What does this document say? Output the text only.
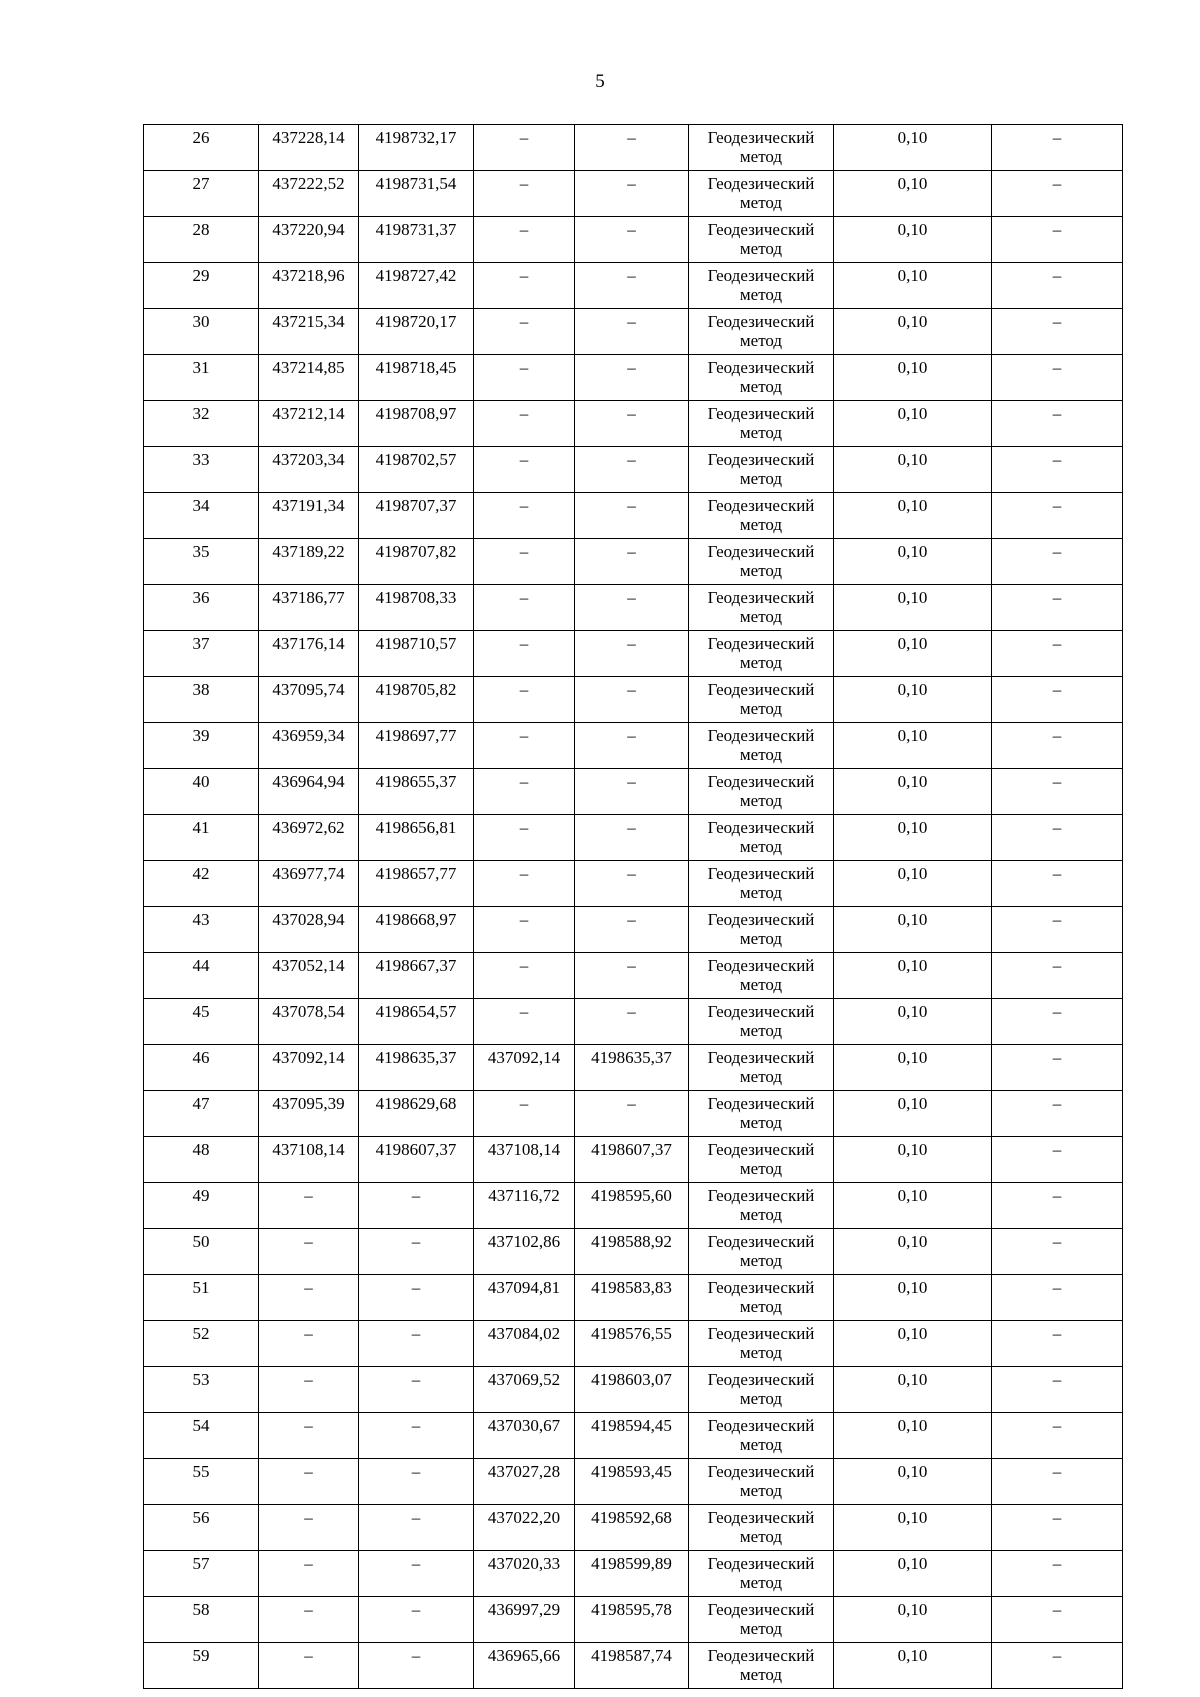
5
26	437228,14	4198732,17	–	–	Геодезический метод	0,10	–
27	437222,52	4198731,54	–	–	Геодезический метод	0,10	–
28	437220,94	4198731,37	–	–	Геодезический метод	0,10	–
29	437218,96	4198727,42	–	–	Геодезический метод	0,10	–
30	437215,34	4198720,17	–	–	Геодезический метод	0,10	–
31	437214,85	4198718,45	–	–	Геодезический метод	0,10	–
32	437212,14	4198708,97	–	–	Геодезический метод	0,10	–
33	437203,34	4198702,57	–	–	Геодезический метод	0,10	–
34	437191,34	4198707,37	–	–	Геодезический метод	0,10	–
35	437189,22	4198707,82	–	–	Геодезический метод	0,10	–
36	437186,77	4198708,33	–	–	Геодезический метод	0,10	–
37	437176,14	4198710,57	–	–	Геодезический метод	0,10	–
38	437095,74	4198705,82	–	–	Геодезический метод	0,10	–
39	436959,34	4198697,77	–	–	Геодезический метод	0,10	–
40	436964,94	4198655,37	–	–	Геодезический метод	0,10	–
41	436972,62	4198656,81	–	–	Геодезический метод	0,10	–
42	436977,74	4198657,77	–	–	Геодезический метод	0,10	–
43	437028,94	4198668,97	–	–	Геодезический метод	0,10	–
44	437052,14	4198667,37	–	–	Геодезический метод	0,10	–
45	437078,54	4198654,57	–	–	Геодезический метод	0,10	–
46	437092,14	4198635,37	437092,14	4198635,37	Геодезический метод	0,10	–
47	437095,39	4198629,68	–	–	Геодезический метод	0,10	–
48	437108,14	4198607,37	437108,14	4198607,37	Геодезический метод	0,10	–
49	–	–	437116,72	4198595,60	Геодезический метод	0,10	–
50	–	–	437102,86	4198588,92	Геодезический метод	0,10	–
51	–	–	437094,81	4198583,83	Геодезический метод	0,10	–
52	–	–	437084,02	4198576,55	Геодезический метод	0,10	–
53	–	–	437069,52	4198603,07	Геодезический метод	0,10	–
54	–	–	437030,67	4198594,45	Геодезический метод	0,10	–
55	–	–	437027,28	4198593,45	Геодезический метод	0,10	–
56	–	–	437022,20	4198592,68	Геодезический метод	0,10	–
57	–	–	437020,33	4198599,89	Геодезический метод	0,10	–
58	–	–	436997,29	4198595,78	Геодезический метод	0,10	–
59	–	–	436965,66	4198587,74	Геодезический метод	0,10	–
